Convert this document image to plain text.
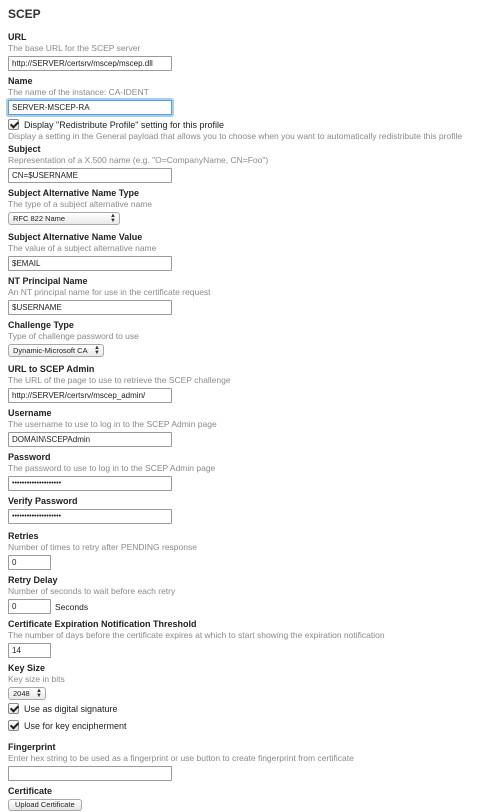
SCEP
URL
The base URL for the SCEP server
http://SERVER/certsrv/mscep/mscep.dll
Name
The name of the instance: CA-IDENT
SERVER-MSCEP-RA
Display "Redistribute Profile" setting for this profile
Display a setting in the General payload that allows you to choose when you want to automatically redistribute this profile
Subject
Representation of a X.500 name (e.g. "O=CompanyName, CN=Foo")
CN=$USERNAME
Subject Alternative Name Type
The type of a subject alternative name
RFC 822 Name	▲
▼
Subject Alternative Name Value
The value of a subject alternative name
$EMAIL
NT Principal Name
An NT principal name for use in the certificate request
$USERNAME
Challenge Type
Type of challenge password to use
Dynamic-Microsoft CA ▲
▼
URL to SCEP Admin
The URL of the page to use to retrieve the SCEP challenge
http://SERVER/certsrv/mscep_admin/
Username
The username to use to log in to the SCEP Admin page
DOMAIN\SCEPAdmin
Password
The password to use to log in to the SCEP Admin page
••••••••••••••••••••
Verify Password
••••••••••••••••••••
Retries
Number of times to retry after PENDING response
0
Retry Delay
Number of seconds to wait before each retry
0
Seconds
Certificate Expiration Notification Threshold
The number of days before the certificate expires at which to start showing the expiration notification
14
Key Size
Key size in bits
2048 ▲
▼
Use as digital signature
Use for key encipherment
Fingerprint
Enter hex string to be used as a fingerprint or use button to create fingerprint from certificate
Certificate
Upload Certificate
